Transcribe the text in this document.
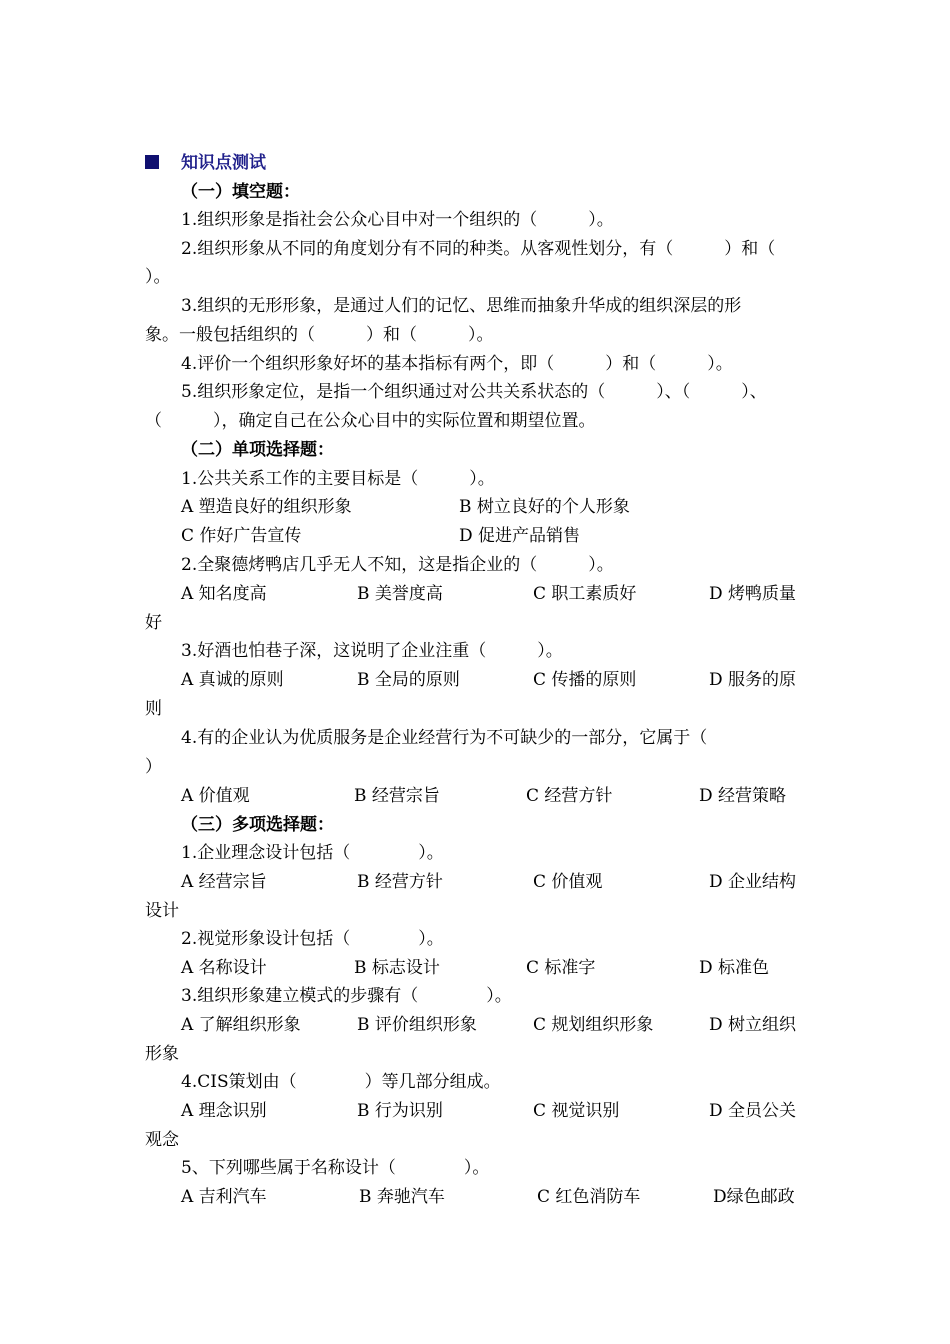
知识点测试
（一）填空题：
1.组织形象是指社会公众心目中对一个组织的（　　　）。
2.组织形象从不同的角度划分有不同的种类。从客观性划分，有（　　　）和（
）。
3.组织的无形形象，是通过人们的记忆、思维而抽象升华成的组织深层的形
象。一般包括组织的（　　　）和（　　　）。
4.评价一个组织形象好坏的基本指标有两个，即（　　　）和（　　　）。
5.组织形象定位，是指一个组织通过对公共关系状态的（　　　）、（　　　）、
（　　　），确定自己在公众心目中的实际位置和期望位置。
（二）单项选择题：
1.公共关系工作的主要目标是（　　　）。
A 塑造良好的组织形象	B 树立良好的个人形象
C 作好广告宣传	D 促进产品销售
2.全聚德烤鸭店几乎无人不知，这是指企业的（　　　）。
A 知名度高	B 美誉度高	C 职工素质好	D 烤鸭质量
好
3.好酒也怕巷子深，这说明了企业注重（　　　）。
A 真诚的原则	B 全局的原则	C 传播的原则	D 服务的原
则
4.有的企业认为优质服务是企业经营行为不可缺少的一部分，它属于（
）
A 价值观	B 经营宗旨	C 经营方针	D 经营策略
（三）多项选择题：
1.企业理念设计包括（　　　　）。
A 经营宗旨	B 经营方针	C 价值观	D 企业结构
设计
2.视觉形象设计包括（　　　　）。
A 名称设计	B 标志设计	C 标准字	D 标准色
3.组织形象建立模式的步骤有（　　　　）。
A 了解组织形象	B 评价组织形象	C 规划组织形象	D 树立组织
形象
4.CIS策划由（　　　　）等几部分组成。
A 理念识别	B 行为识别	C 视觉识别	D 全员公关
观念
5、下列哪些属于名称设计（　　　　）。
A 吉利汽车	B 奔驰汽车	C 红色消防车	D绿色邮政
